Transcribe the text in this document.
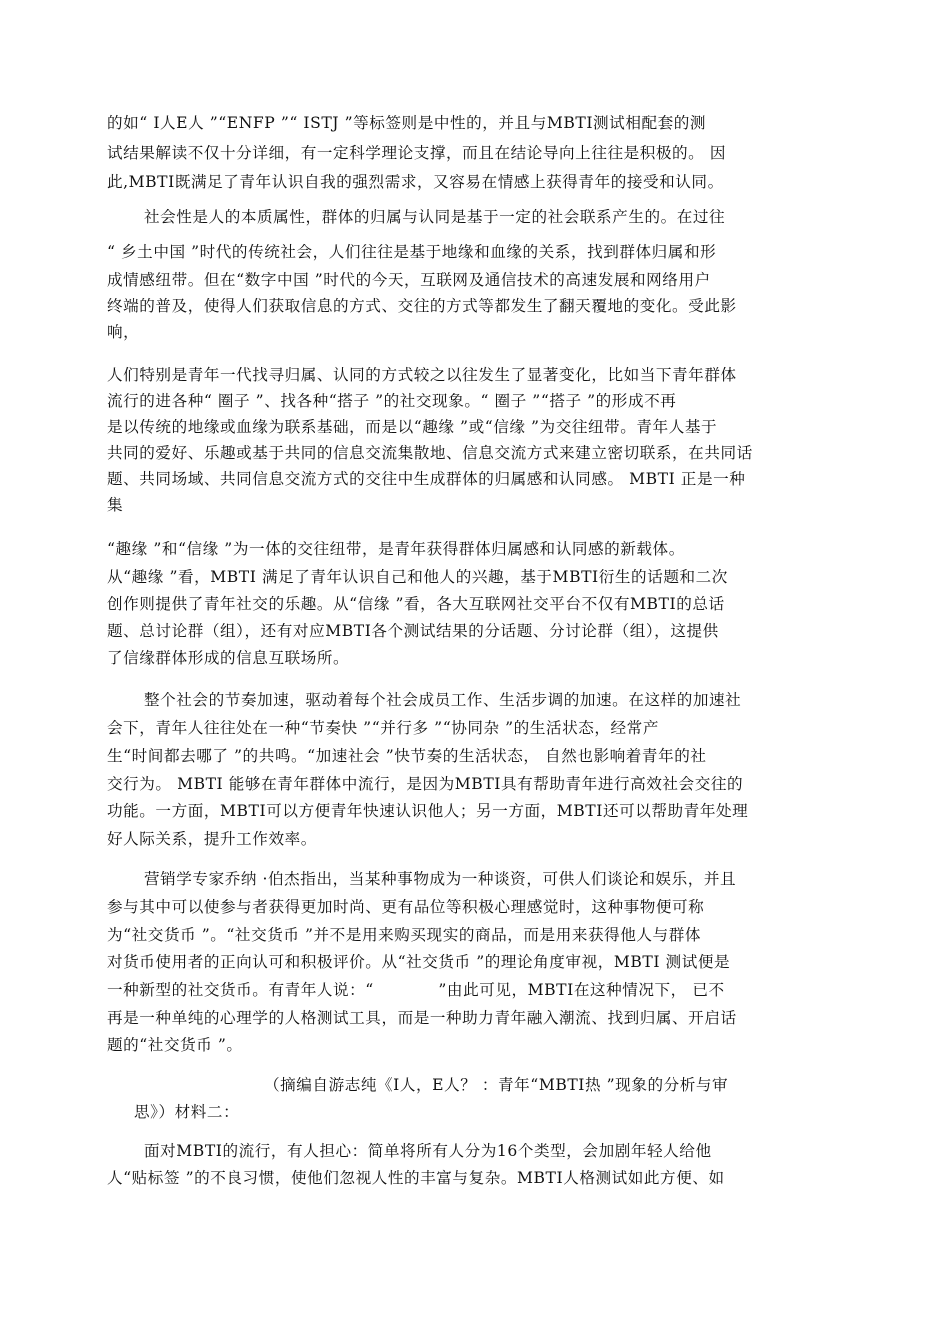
的如“ I人E人 ”“ENFP ”“ ISTJ ”等标签则是中性的，并且与MBTI测试相配套的测

试结果解读不仅十分详细，有一定科学理论支撑，而且在结论导向上往往是积极的。 因

此,MBTI既满足了青年认识自我的强烈需求，又容易在情感上获得青年的接受和认同。

社会性是人的本质属性，群体的归属与认同是基于一定的社会联系产生的。在过往

“ 乡土中国 ”时代的传统社会，人们往往是基于地缘和血缘的关系，找到群体归属和形

成情感纽带。但在“数字中国 ”时代的今天，互联网及通信技术的高速发展和网络用户

终端的普及，使得人们获取信息的方式、交往的方式等都发生了翻天覆地的变化。受此影

响，

人们特别是青年一代找寻归属、认同的方式较之以往发生了显著变化，比如当下青年群体

流行的进各种“ 圈子 ”、找各种“搭子 ”的社交现象。“ 圈子 ”“搭子 ”的形成不再

是以传统的地缘或血缘为联系基础，而是以“趣缘 ”或“信缘 ”为交往纽带。青年人基于

共同的爱好、乐趣或基于共同的信息交流集散地、信息交流方式来建立密切联系，在共同话

题、共同场域、共同信息交流方式的交往中生成群体的归属感和认同感。 MBTI 正是一种

集

“趣缘 ”和“信缘 ”为一体的交往纽带，是青年获得群体归属感和认同感的新载体。

从“趣缘 ”看，MBTI 满足了青年认识自己和他人的兴趣，基于MBTI衍生的话题和二次

创作则提供了青年社交的乐趣。从“信缘 ”看，各大互联网社交平台不仅有MBTI的总话

题、总讨论群（组），还有对应MBTI各个测试结果的分话题、分讨论群（组），这提供

了信缘群体形成的信息互联场所。

整个社会的节奏加速，驱动着每个社会成员工作、生活步调的加速。在这样的加速社

会下，青年人往往处在一种“节奏快 ”“并行多 ”“协同杂 ”的生活状态，经常产

生“时间都去哪了 ”的共鸣。“加速社会 ”快节奏的生活状态， 自然也影响着青年的社

交行为。 MBTI 能够在青年群体中流行，是因为MBTI具有帮助青年进行高效社会交往的

功能。一方面，MBTI可以方便青年快速认识他人；另一方面，MBTI还可以帮助青年处理

好人际关系，提升工作效率。

营销学专家乔纳 ·伯杰指出，当某种事物成为一种谈资，可供人们谈论和娱乐，并且

参与其中可以使参与者获得更加时尚、更有品位等积极心理感觉时，这种事物便可称

为“社交货币 ”。“社交货币 ”并不是用来购买现实的商品，而是用来获得他人与群体

对货币使用者的正向认可和积极评价。从“社交货币 ”的理论角度审视，MBTI 测试便是

一种新型的社交货币。有青年人说：“　　　　”由此可见，MBTI在这种情况下， 已不

再是一种单纯的心理学的人格测试工具，而是一种助力青年融入潮流、找到归属、开启话

题的“社交货币 ”。

（摘编自游志纯《I人，E人？ ：青年“MBTI热 ”现象的分析与审

思》）材料二：

面对MBTI的流行，有人担心：简单将所有人分为16个类型，会加剧年轻人给他

人“贴标签 ”的不良习惯，使他们忽视人性的丰富与复杂。MBTI人格测试如此方便、如
